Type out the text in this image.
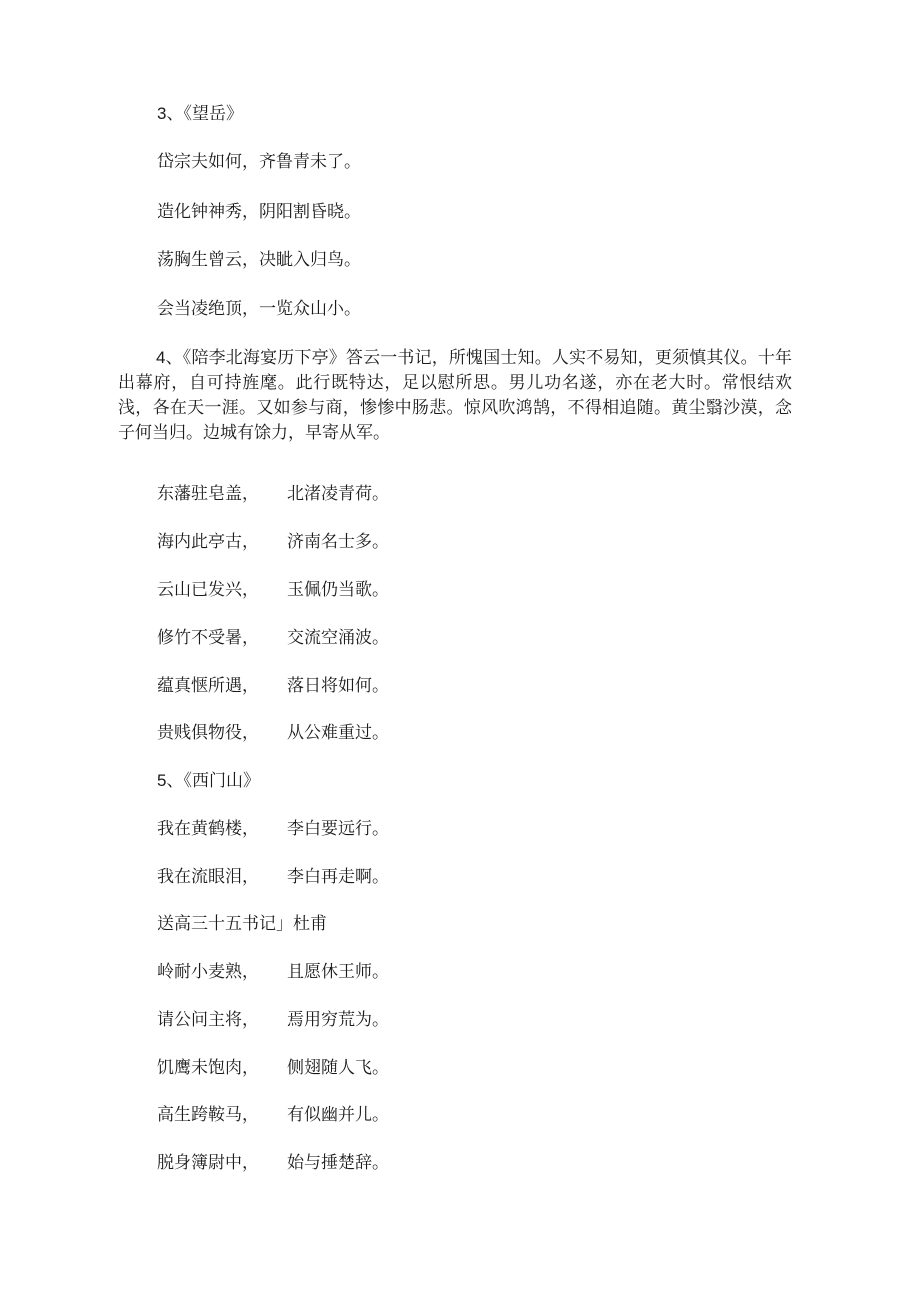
3、《望岳》
岱宗夫如何，齐鲁青未了。
造化钟神秀，阴阳割昏晓。
荡胸生曾云，决眦入归鸟。
会当凌绝顶，一览众山小。
4、《陪李北海宴历下亭》答云一书记，所愧国士知。人实不易知，更须慎其仪。十年出幕府，自可持旌麾。此行既特达，足以慰所思。男儿功名遂，亦在老大时。常恨结欢浅，各在天一涯。又如参与商，惨惨中肠悲。惊风吹鸿鹄，不得相追随。黄尘翳沙漠，念子何当归。边城有馀力，早寄从军。
东藩驻皂盖， 北渚凌青荷。
海内此亭古， 济南名士多。
云山已发兴， 玉佩仍当歌。
修竹不受暑， 交流空涌波。
蕴真惬所遇， 落日将如何。
贵贱俱物役， 从公难重过。
5、《西门山》
我在黄鹤楼， 李白要远行。
我在流眼泪， 李白再走啊。
送高三十五书记」杜甫
岭耐小麦熟， 且愿休王师。
请公问主将， 焉用穷荒为。
饥鹰未饱肉， 侧翅随人飞。
高生跨鞍马， 有似幽并儿。
脱身簿尉中， 始与捶楚辞。
